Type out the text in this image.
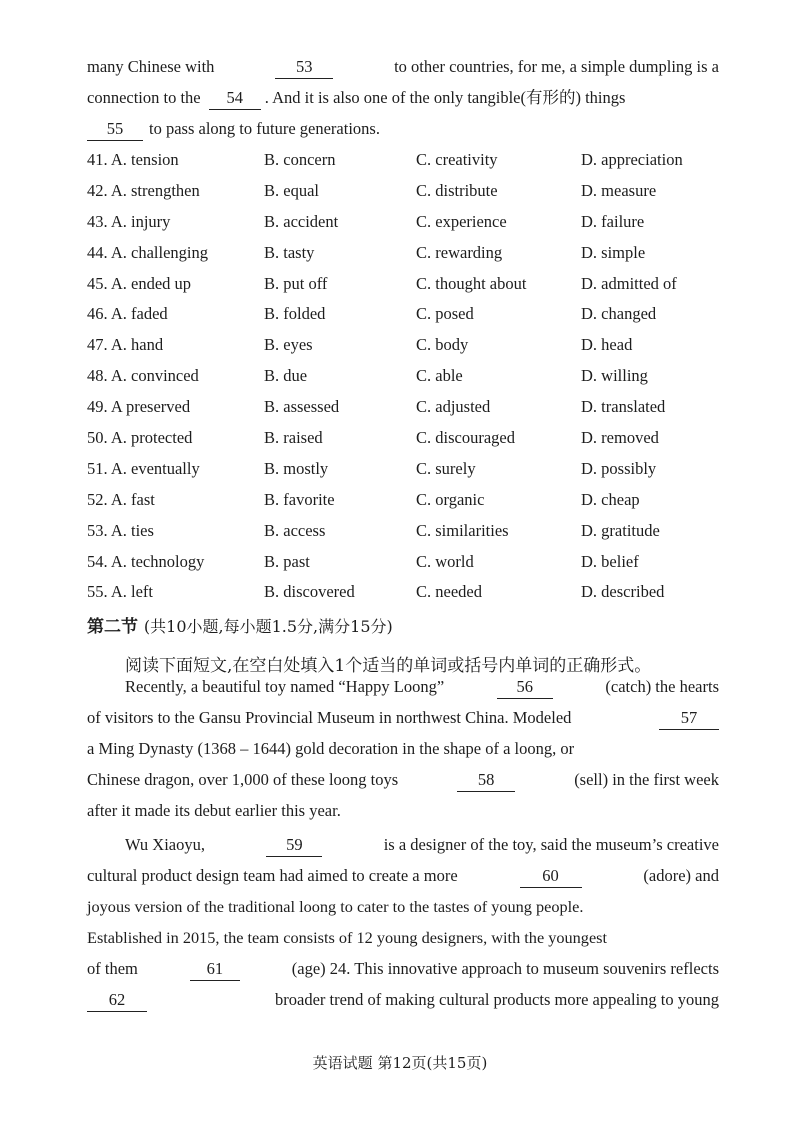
many Chinese with	53	to other countries, for me, a simple dumpling is a
connection to the 54 . And it is also one of the only tangible(有形的) things
55 to pass along to future generations.
41. A. tension	B. concern	C. creativity	D. appreciation
42. A. strengthen	B. equal	C. distribute	D. measure
43. A. injury	B. accident	C. experience	D. failure
44. A. challenging	B. tasty	C. rewarding	D. simple
45. A. ended up	B. put off	C. thought about	D. admitted of
46. A. faded	B. folded	C. posed	D. changed
47. A. hand	B. eyes	C. body	D. head
48. A. convinced	B. due	C. able	D. willing
49. A preserved	B. assessed	C. adjusted	D. translated
50. A. protected	B. raised	C. discouraged	D. removed
51. A. eventually	B. mostly	C. surely	D. possibly
52. A. fast	B. favorite	C. organic	D. cheap
53. A. ties	B. access	C. similarities	D. gratitude
54. A. technology	B. past	C. world	D. belief
55. A. left	B. discovered	C. needed	D. described
第二节 (共10小题,每小题1.5分,满分15分)
阅读下面短文,在空白处填入1个适当的单词或括号内单词的正确形式。
Recently, a beautiful toy named “Happy Loong”	56	(catch) the hearts
of visitors to the Gansu Provincial Museum in northwest China. Modeled	57
a Ming Dynasty (1368 – 1644) gold decoration in the shape of a loong, or
Chinese dragon, over 1,000 of these loong toys	58	(sell) in the first week
after it made its debut earlier this year.
Wu Xiaoyu,	59	is a designer of the toy, said the museum’s creative
cultural product design team had aimed to create a more	60	(adore) and
joyous version of the traditional loong to cater to the tastes of young people.
Established in 2015, the team consists of 12 young designers, with the youngest
of them	61	(age) 24. This innovative approach to museum souvenirs reflects
62	broader trend of making cultural products more appealing to young
英语试题 第12页(共15页)
